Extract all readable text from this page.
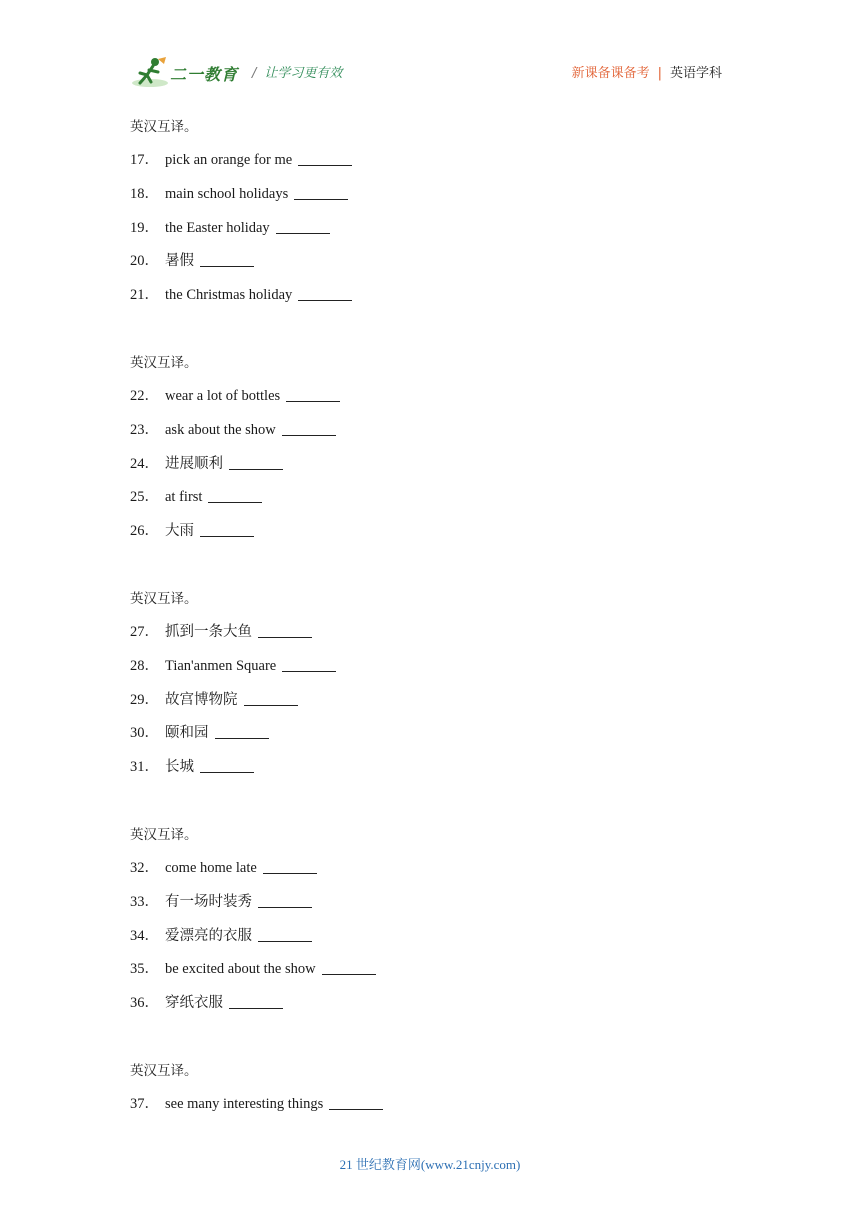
二一教育 / 让学习更有效	新课备课备考 | 英语学科
英汉互译。
17． pick an orange for me
18． main school holidays
19． the Easter holiday
20． 暑假
21． the Christmas holiday
英汉互译。
22． wear a lot of bottles
23． ask about the show
24． 进展顺利
25． at first
26． 大雨
英汉互译。
27． 抓到一条大鱼
28． Tian'anmen Square
29． 故宫博物院
30． 颐和园
31． 长城
英汉互译。
32． come home late
33． 有一场时装秀
34． 爱漂亮的衣服
35． be excited about the show
36． 穿纸衣服
英汉互译。
37． see many interesting things
21 世纪教育网(www.21cnjy.com)
